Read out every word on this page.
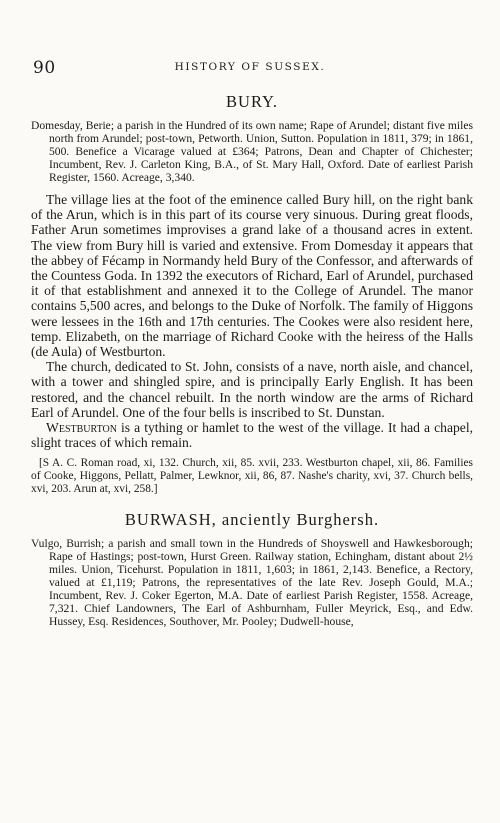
90	HISTORY OF SUSSEX.
BURY.

Domesday, Berie; a parish in the Hundred of its own name; Rape of Arundel; distant five miles north from Arundel; post-town, Petworth. Union, Sutton. Population in 1811, 379; in 1861, 500. Benefice a Vicarage valued at £364; Patrons, Dean and Chapter of Chichester; Incumbent, Rev. J. Carleton King, B.A., of St. Mary Hall, Oxford. Date of earliest Parish Register, 1560. Acreage, 3,340.

The village lies at the foot of the eminence called Bury hill, on the right bank of the Arun, which is in this part of its course very sinuous. During great floods, Father Arun sometimes improvises a grand lake of a thousand acres in extent. The view from Bury hill is varied and extensive. From Domesday it appears that the abbey of Fécamp in Normandy held Bury of the Confessor, and afterwards of the Countess Goda. In 1392 the executors of Richard, Earl of Arundel, purchased it of that establishment and annexed it to the College of Arundel. The manor contains 5,500 acres, and belongs to the Duke of Norfolk. The family of Higgons were lessees in the 16th and 17th centuries. The Cookes were also resident here, temp. Elizabeth, on the marriage of Richard Cooke with the heiress of the Halls (de Aula) of Westburton.

The church, dedicated to St. John, consists of a nave, north aisle, and chancel, with a tower and shingled spire, and is principally Early English. It has been restored, and the chancel rebuilt. In the north window are the arms of Richard Earl of Arundel. One of the four bells is inscribed to St. Dunstan.

Westburton is a tything or hamlet to the west of the village. It had a chapel, slight traces of which remain.

[S A. C. Roman road, xi, 132. Church, xii, 85. xvii, 233. Westburton chapel, xii, 86. Families of Cooke, Higgons, Pellatt, Palmer, Lewknor, xii, 86, 87. Nashe's charity, xvi, 37. Church bells, xvi, 203. Arun at, xvi, 258.]

BURWASH, anciently Burghersh.

Vulgo, Burrish; a parish and small town in the Hundreds of Shoyswell and Hawkesborough; Rape of Hastings; post-town, Hurst Green. Railway station, Echingham, distant about 2½ miles. Union, Ticehurst. Population in 1811, 1,603; in 1861, 2,143. Benefice, a Rectory, valued at £1,119; Patrons, the representatives of the late Rev. Joseph Gould, M.A.; Incumbent, Rev. J. Coker Egerton, M.A. Date of earliest Parish Register, 1558. Acreage, 7,321. Chief Landowners, The Earl of Ashburnham, Fuller Meyrick, Esq., and Edw. Hussey, Esq. Residences, Southover, Mr. Pooley; Dudwell-house,
